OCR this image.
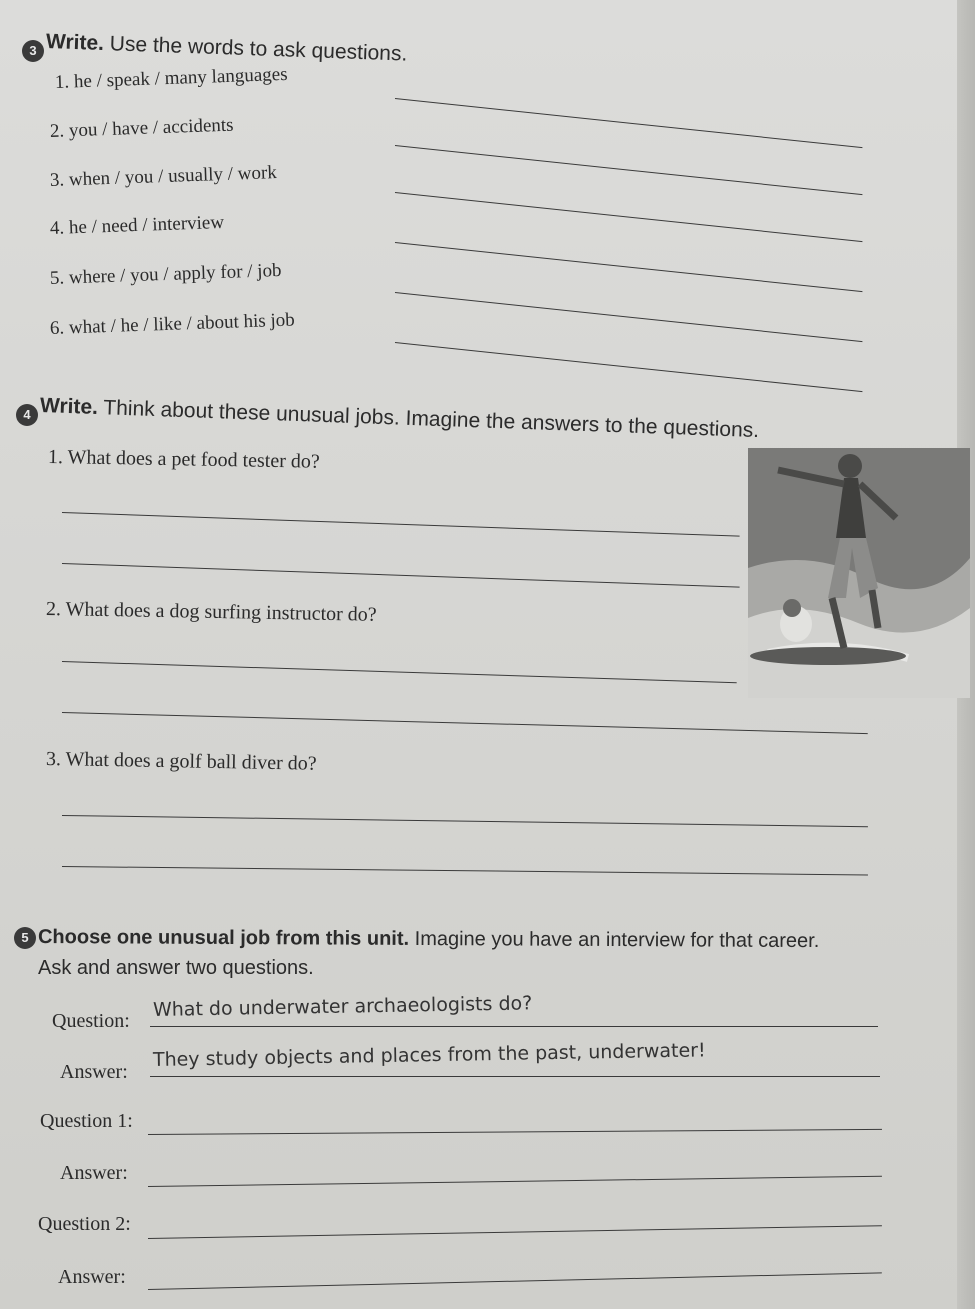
3 Write. Use the words to ask questions.
1. he / speak / many languages
2. you / have / accidents
3. when / you / usually / work
4. he / need / interview
5. where / you / apply for / job
6. what / he / like / about his job
4 Write. Think about these unusual jobs. Imagine the answers to the questions.
1. What does a pet food tester do?
2. What does a dog surfing instructor do?
3. What does a golf ball diver do?
5 Choose one unusual job from this unit. Imagine you have an interview for that career.
Ask and answer two questions.
Question:
What do underwater archaeologists do?
Answer:
They study objects and places from the past, underwater!
Question 1:
Answer:
Question 2:
Answer:
